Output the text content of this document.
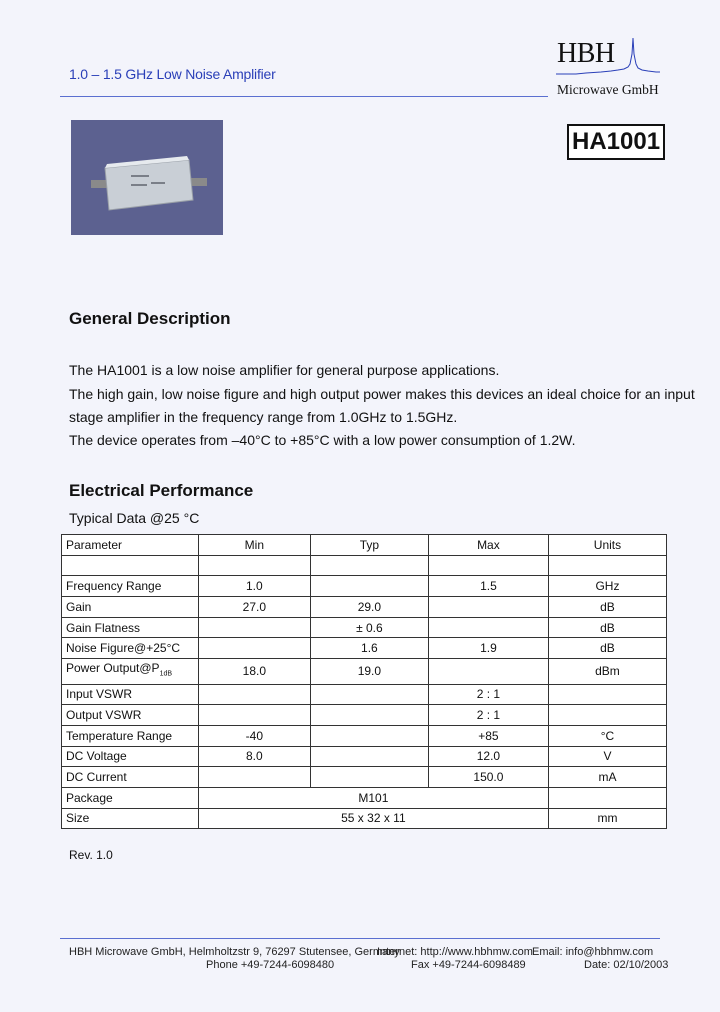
1.0 – 1.5 GHz Low Noise Amplifier
HBH
Microwave GmbH
HA1001
General Description
The HA1001 is a low noise amplifier for general purpose applications.
The high gain, low noise figure and high output power makes this devices an ideal choice for an input
stage amplifier in the frequency range from 1.0GHz to 1.5GHz.
The device operates from –40°C to +85°C with a low power consumption of 1.2W.
Electrical Performance
Typical Data @25 °C
Parameter	Min	Typ	Max	Units

Frequency Range	1.0		1.5	GHz
Gain	27.0	29.0		dB
Gain Flatness		± 0.6		dB
Noise Figure@+25°C		1.6	1.9	dB
Power $Output@P_{1dB}$	18.0	19.0		dBm
Input VSWR			2 : 1	
Output VSWR			2 : 1	
Temperature Range	-40		+85	°C
DC Voltage	8.0		12.0	V
DC Current			150.0	mA
Package	M101			
Size	55 x 32 x 11			mm
Rev. 1.0
HBH Microwave GmbH, Helmholtzstr 9, 76297 Stutensee, Germany
Internet: http://www.hbhmw.com Email: info@hbhmw.com
Phone +49-7244-6098480	Fax +49-7244-6098489	Date: 02/10/2003
